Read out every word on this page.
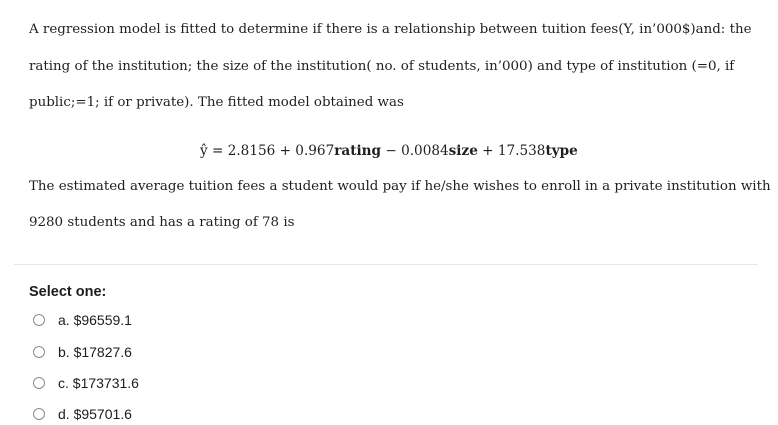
A regression model is fitted to determine if there is a relationship between tuition fees(Y, in’000$)and: the
rating of the institution; the size of the institution( no. of students, in’000) and type of institution (=0, if
public;=1; if or private). The fitted model obtained was
ŷ = 2.8156 + 0.967rating − 0.0084size + 17.538type
The estimated average tuition fees a student would pay if he/she wishes to enroll in a private institution with
9280 students and has a rating of 78 is
Select one:
a. $96559.1
b. $17827.6
c. $173731.6
d. $95701.6
